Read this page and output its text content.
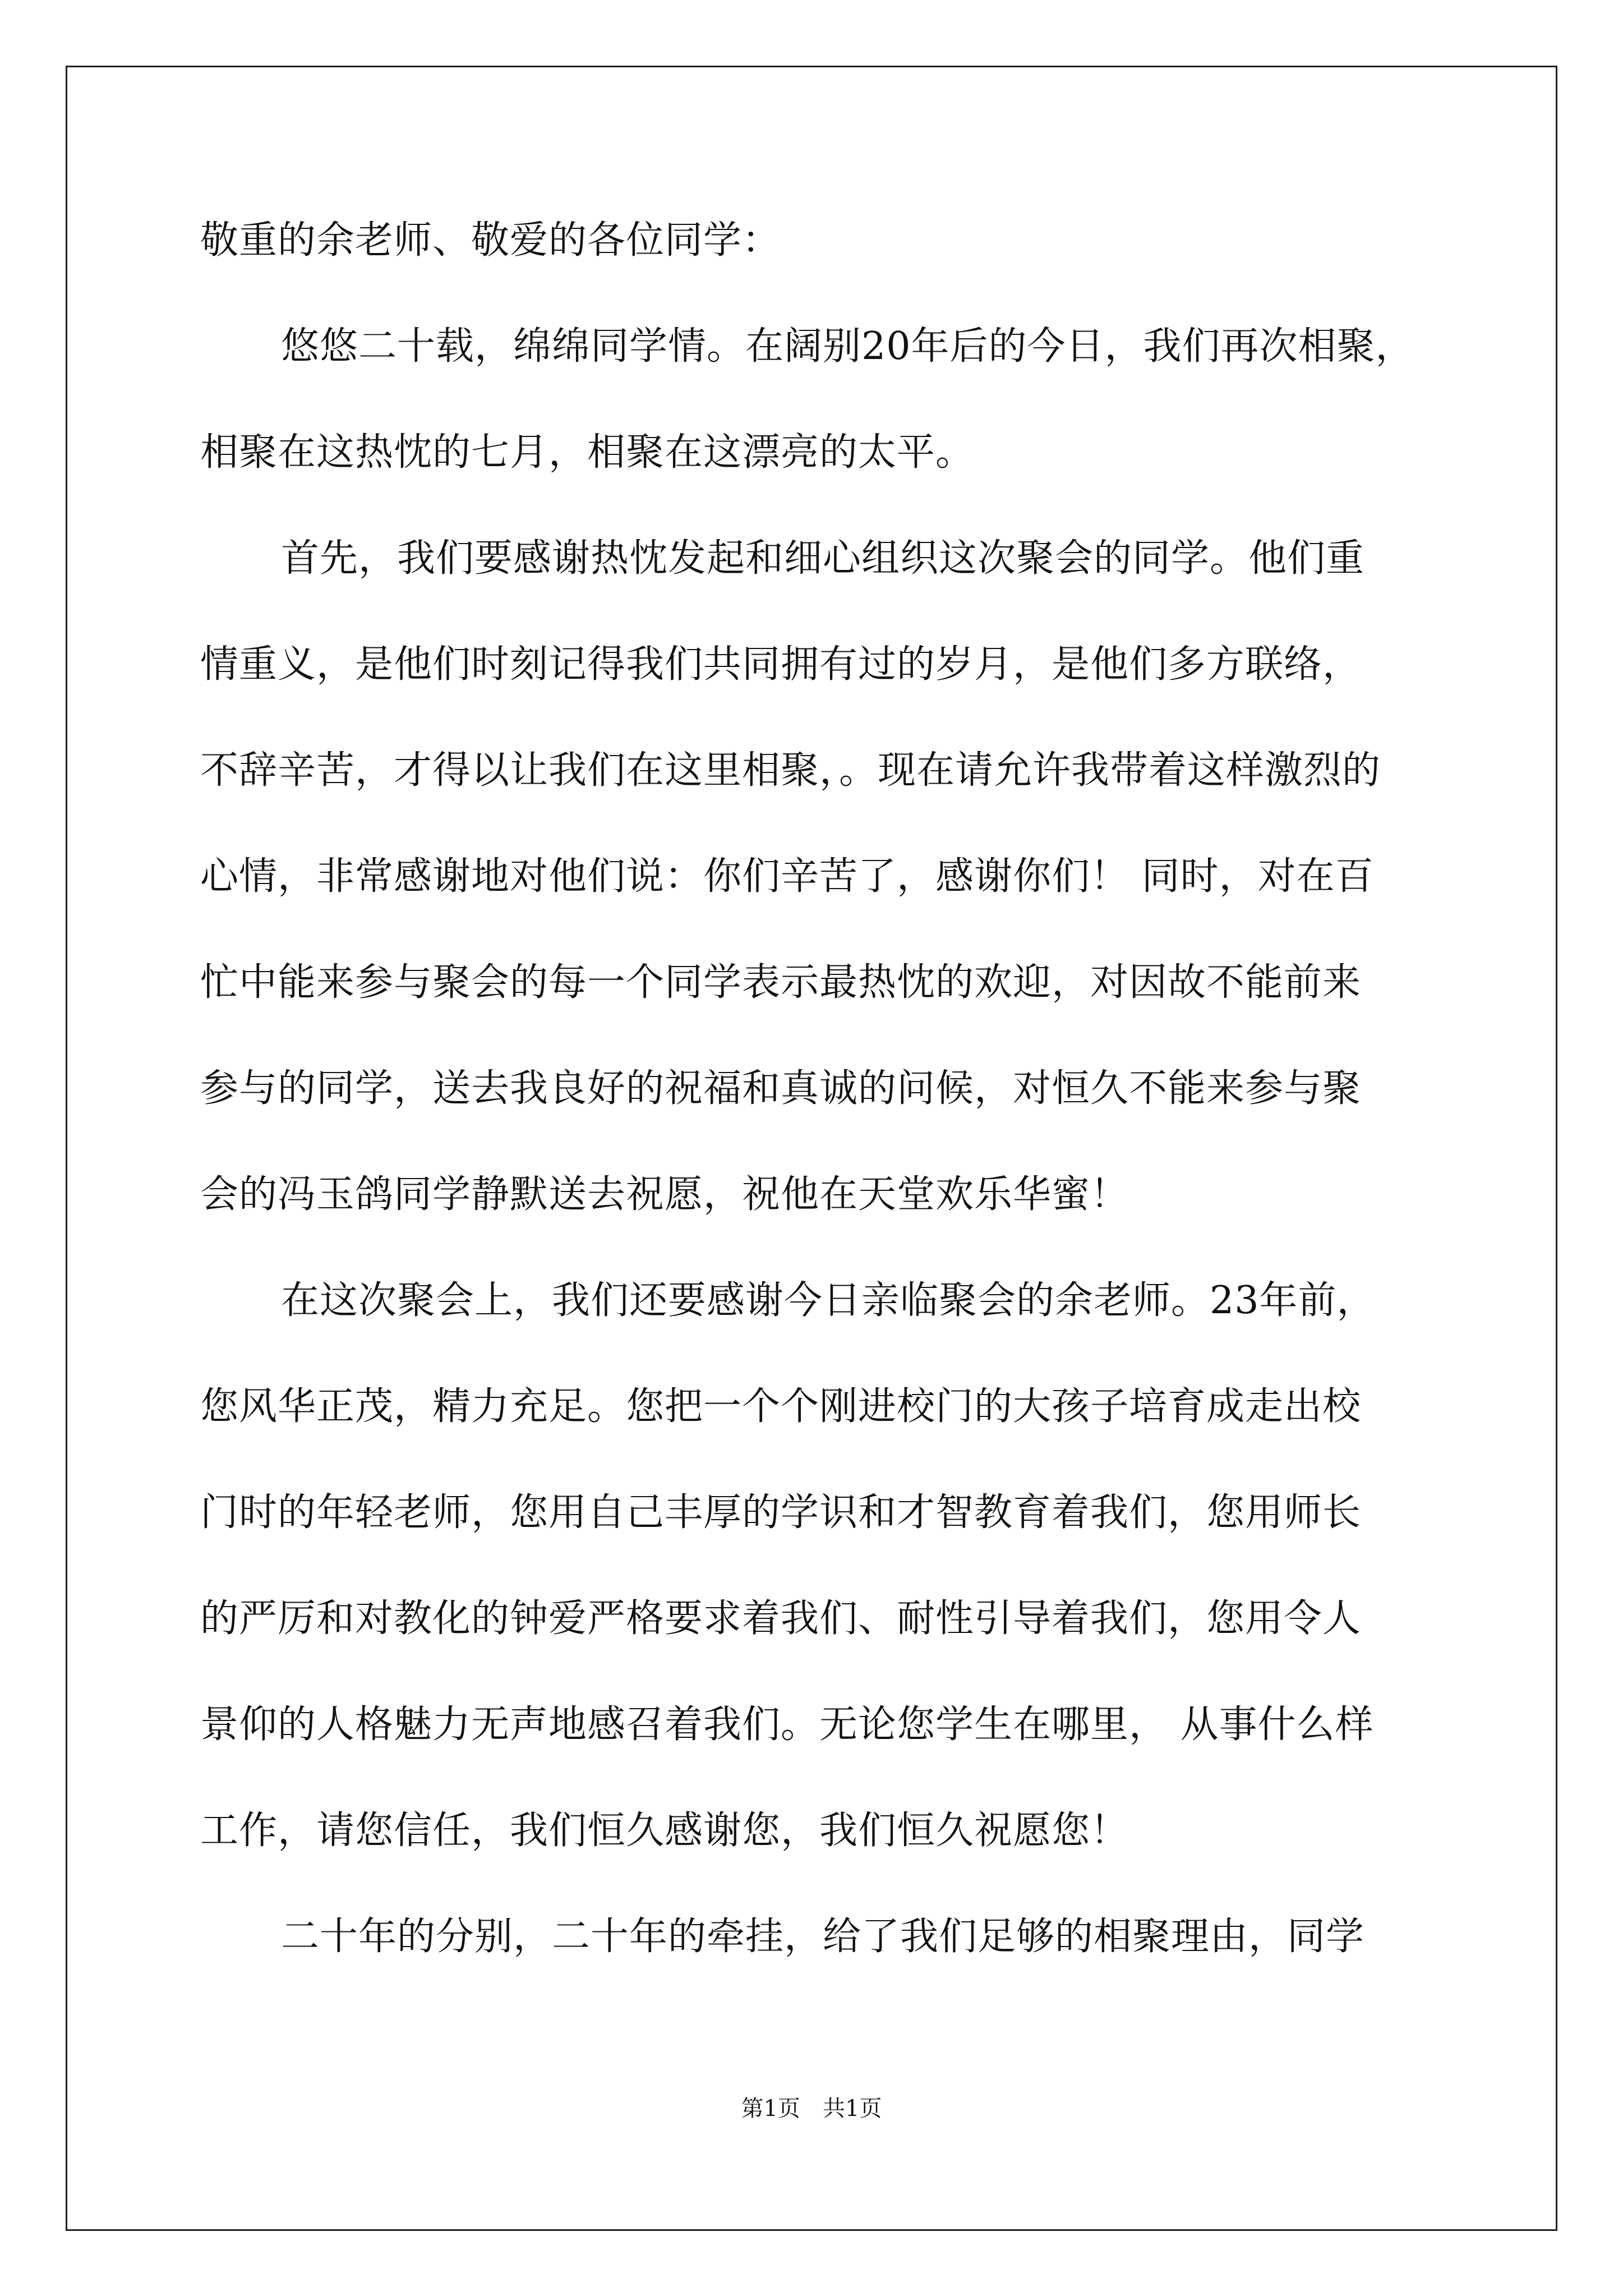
敬重的余老师、敬爱的各位同学：
悠悠二十载，绵绵同学情。在阔别20年后的今日，我们再次相聚，
相聚在这热忱的七月，相聚在这漂亮的太平。
首先，我们要感谢热忱发起和细心组织这次聚会的同学。他们重
情重义，是他们时刻记得我们共同拥有过的岁月，是他们多方联络，
不辞辛苦，才得以让我们在这里相聚，。现在请允许我带着这样激烈的
心情，非常感谢地对他们说：你们辛苦了，感谢你们！ 同时，对在百
忙中能来参与聚会的每一个同学表示最热忱的欢迎，对因故不能前来
参与的同学，送去我良好的祝福和真诚的问候，对恒久不能来参与聚
会的冯玉鸽同学静默送去祝愿，祝他在天堂欢乐华蜜！
在这次聚会上，我们还要感谢今日亲临聚会的余老师。23年前，
您风华正茂，精力充足。您把一个个刚进校门的大孩子培育成走出校
门时的年轻老师，您用自己丰厚的学识和才智教育着我们，您用师长
的严厉和对教化的钟爱严格要求着我们、耐性引导着我们，您用令人
景仰的人格魅力无声地感召着我们。无论您学生在哪里， 从事什么样
工作，请您信任，我们恒久感谢您，我们恒久祝愿您！
二十年的分别，二十年的牵挂，给了我们足够的相聚理由，同学
第1页　共1页
